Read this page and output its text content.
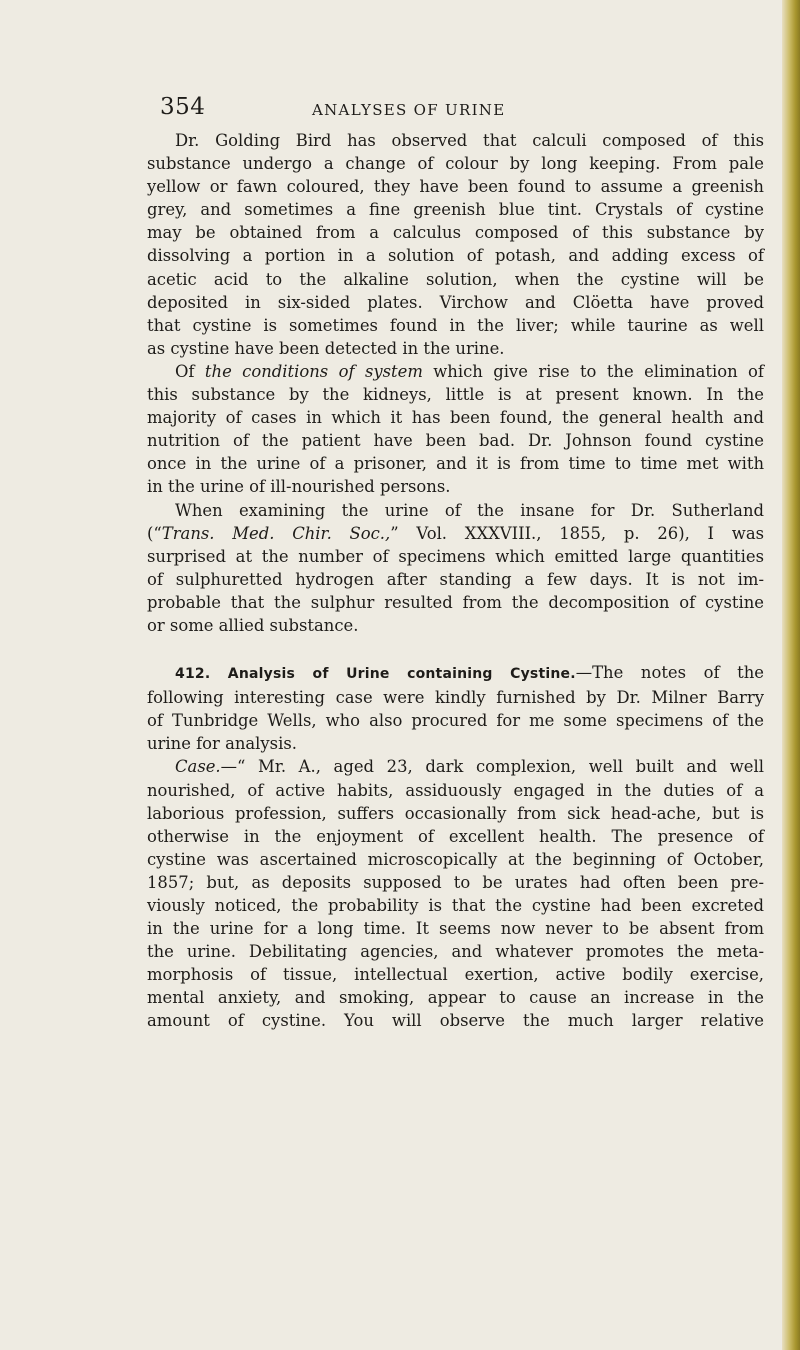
354	ANALYSES OF URINE

Dr. Golding Bird has observed that calculi composed of this
substance undergo a change of colour by long keeping. From pale
yellow or fawn coloured, they have been found to assume a greenish
grey, and sometimes a fine greenish blue tint. Crystals of cystine
may be obtained from a calculus composed of this substance by
dissolving a portion in a solution of potash, and adding excess of
acetic acid to the alkaline solution, when the cystine will be
deposited in six-sided plates. Virchow and Clöetta have proved
that cystine is sometimes found in the liver; while taurine as well
as cystine have been detected in the urine.

Of the conditions of system which give rise to the elimination of
this substance by the kidneys, little is at present known. In the
majority of cases in which it has been found, the general health and
nutrition of the patient have been bad. Dr. Johnson found cystine
once in the urine of a prisoner, and it is from time to time met with
in the urine of ill-nourished persons.

When examining the urine of the insane for Dr. Sutherland
(“Trans. Med. Chir. Soc.,” Vol. XXXVIII., 1855, p. 26), I was
surprised at the number of specimens which emitted large quantities
of sulphuretted hydrogen after standing a few days. It is not im-
probable that the sulphur resulted from the decomposition of cystine
or some allied substance.

412. Analysis of Urine containing Cystine.—The notes of the
following interesting case were kindly furnished by Dr. Milner Barry
of Tunbridge Wells, who also procured for me some specimens of the
urine for analysis.

Case.—“ Mr. A., aged 23, dark complexion, well built and well
nourished, of active habits, assiduously engaged in the duties of a
laborious profession, suffers occasionally from sick head-ache, but is
otherwise in the enjoyment of excellent health. The presence of
cystine was ascertained microscopically at the beginning of October,
1857; but, as deposits supposed to be urates had often been pre-
viously noticed, the probability is that the cystine had been excreted
in the urine for a long time. It seems now never to be absent from
the urine. Debilitating agencies, and whatever promotes the meta-
morphosis of tissue, intellectual exertion, active bodily exercise,
mental anxiety, and smoking, appear to cause an increase in the
amount of cystine. You will observe the much larger relative
